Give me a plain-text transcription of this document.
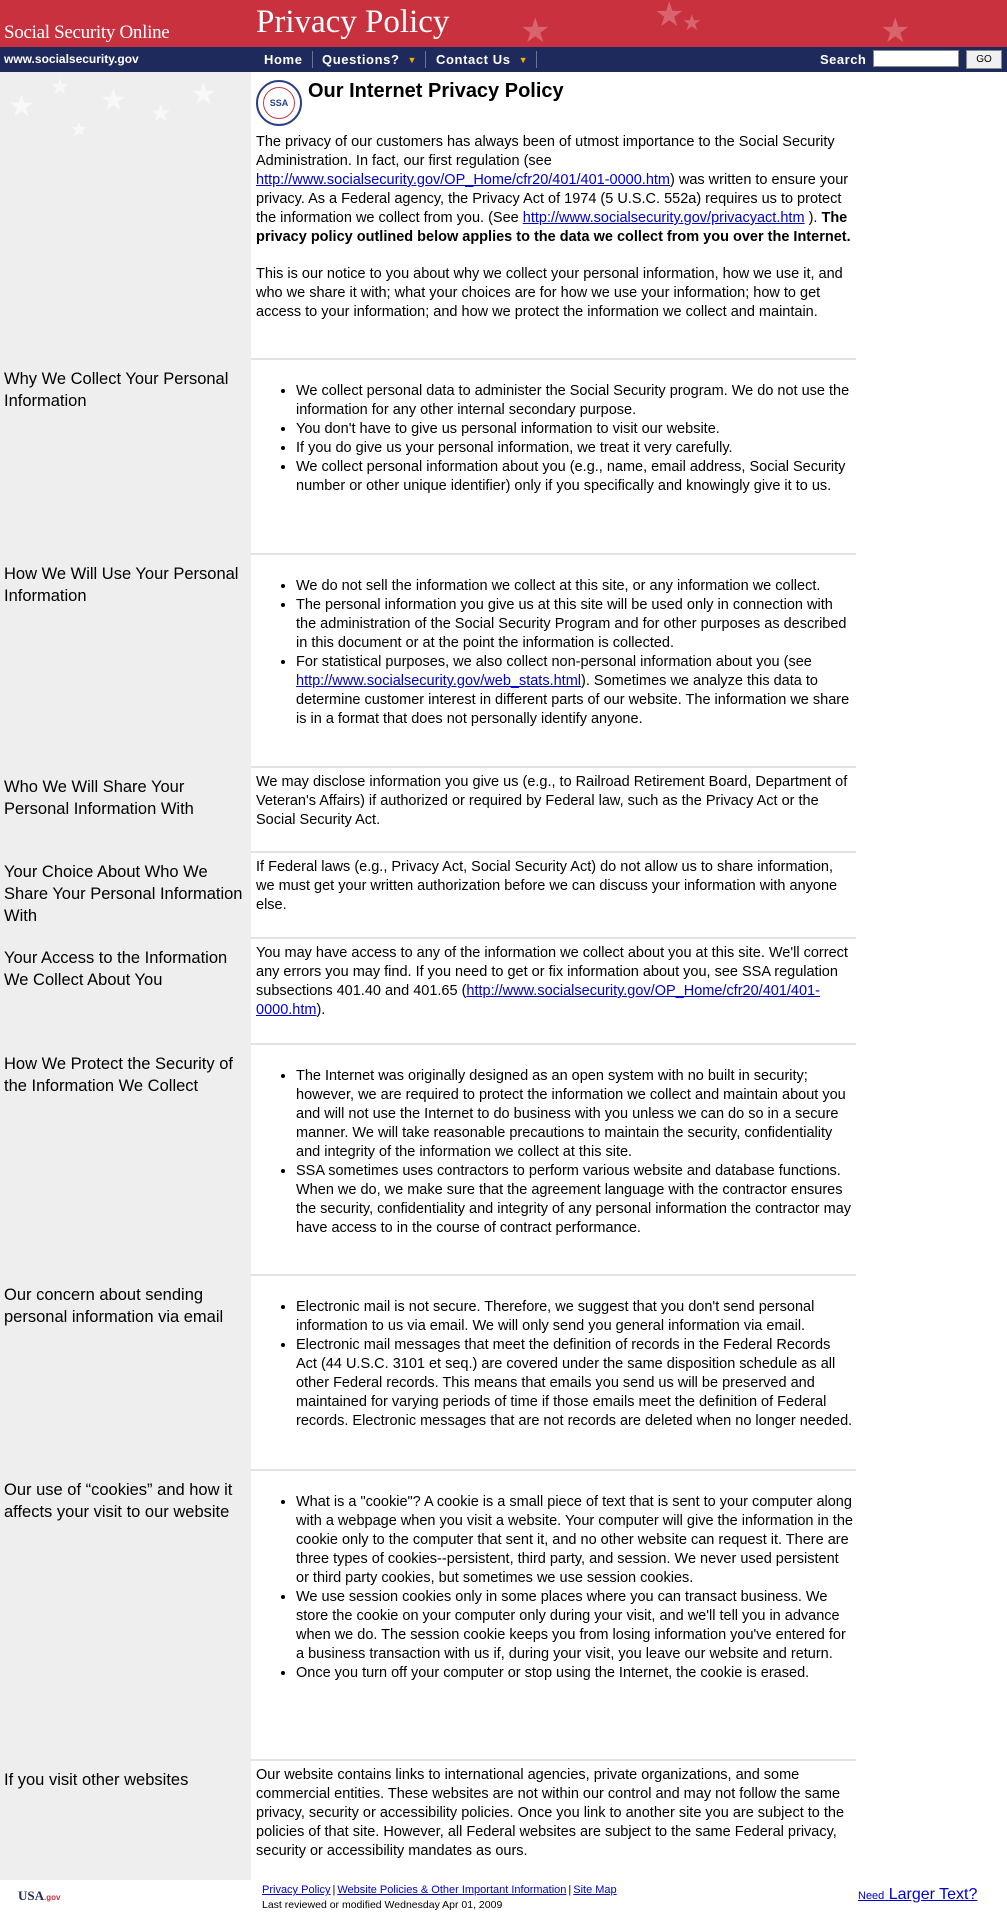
★	★
★	★
Social Security Online	Privacy Policy
www.socialsecurity.gov	Home Questions? ▼ Contact Us ▼	Search	GO
★
★ ★ ★
★
★
SSA
Our Internet Privacy Policy
The privacy of our customers has always been of utmost importance to the Social Security Administration. In fact, our first regulation (see http://www.socialsecurity.gov/OP_Home/cfr20/401/401-0000.htm) was written to ensure your privacy. As a Federal agency, the Privacy Act of 1974 (5 U.S.C. 552a) requires us to protect the information we collect from you. (See http://www.socialsecurity.gov/privacyact.htm ). The privacy policy outlined below applies to the data we collect from you over the Internet.
This is our notice to you about why we collect your personal information, how we use it, and who we share it with; what your choices are for how we use your information; how to get access to your information; and how we protect the information we collect and maintain.
Why We Collect Your Personal Information
• We collect personal data to administer the Social Security program. We do not use the information for any other internal secondary purpose.
• You don't have to give us personal information to visit our website.
• If you do give us your personal information, we treat it very carefully.
• We collect personal information about you (e.g., name, email address, Social Security number or other unique identifier) only if you specifically and knowingly give it to us.
How We Will Use Your Personal Information
• We do not sell the information we collect at this site, or any information we collect.
• The personal information you give us at this site will be used only in connection with the administration of the Social Security Program and for other purposes as described in this document or at the point the information is collected.
• For statistical purposes, we also collect non-personal information about you (see http://www.socialsecurity.gov/web_stats.html). Sometimes we analyze this data to determine customer interest in different parts of our website. The information we share is in a format that does not personally identify anyone.
Who We Will Share Your Personal Information With
We may disclose information you give us (e.g., to Railroad Retirement Board, Department of Veteran's Affairs) if authorized or required by Federal law, such as the Privacy Act or the Social Security Act.
Your Choice About Who We Share Your Personal Information With
If Federal laws (e.g., Privacy Act, Social Security Act) do not allow us to share information, we must get your written authorization before we can discuss your information with anyone else.
Your Access to the Information We Collect About You
You may have access to any of the information we collect about you at this site. We'll correct any errors you may find. If you need to get or fix information about you, see SSA regulation subsections 401.40 and 401.65 (http://www.socialsecurity.gov/OP_Home/cfr20/401/401-0000.htm).
How We Protect the Security of the Information We Collect
• The Internet was originally designed as an open system with no built in security; however, we are required to protect the information we collect and maintain about you and will not use the Internet to do business with you unless we can do so in a secure manner. We will take reasonable precautions to maintain the security, confidentiality and integrity of the information we collect at this site.
• SSA sometimes uses contractors to perform various website and database functions. When we do, we make sure that the agreement language with the contractor ensures the security, confidentiality and integrity of any personal information the contractor may have access to in the course of contract performance.
Our concern about sending personal information via email
• Electronic mail is not secure. Therefore, we suggest that you don't send personal information to us via email. We will only send you general information via email.
• Electronic mail messages that meet the definition of records in the Federal Records Act (44 U.S.C. 3101 et seq.) are covered under the same disposition schedule as all other Federal records. This means that emails you send us will be preserved and maintained for varying periods of time if those emails meet the definition of Federal records. Electronic messages that are not records are deleted when no longer needed.
Our use of “cookies” and how it affects your visit to our website
• What is a "cookie"? A cookie is a small piece of text that is sent to your computer along with a webpage when you visit a website. Your computer will give the information in the cookie only to the computer that sent it, and no other website can request it. There are three types of cookies--persistent, third party, and session. We never used persistent or third party cookies, but sometimes we use session cookies.
• We use session cookies only in some places where you can transact business. We store the cookie on your computer only during your visit, and we'll tell you in advance when we do. The session cookie keeps you from losing information you've entered for a business transaction with us if, during your visit, you leave our website and return.
• Once you turn off your computer or stop using the Internet, the cookie is erased.
If you visit other websites	Our website contains links to international agencies, private organizations, and some commercial entities. These websites are not within our control and may not follow the same privacy, security or accessibility policies. Once you link to another site you are subject to the policies of that site. However, all Federal websites are subject to the same Federal privacy, security or accessibility mandates as ours.
USA.gov
Privacy Policy | Website Policies & Other Important Information | Site Map
Last reviewed or modified Wednesday Apr 01, 2009
Need Larger Text?
